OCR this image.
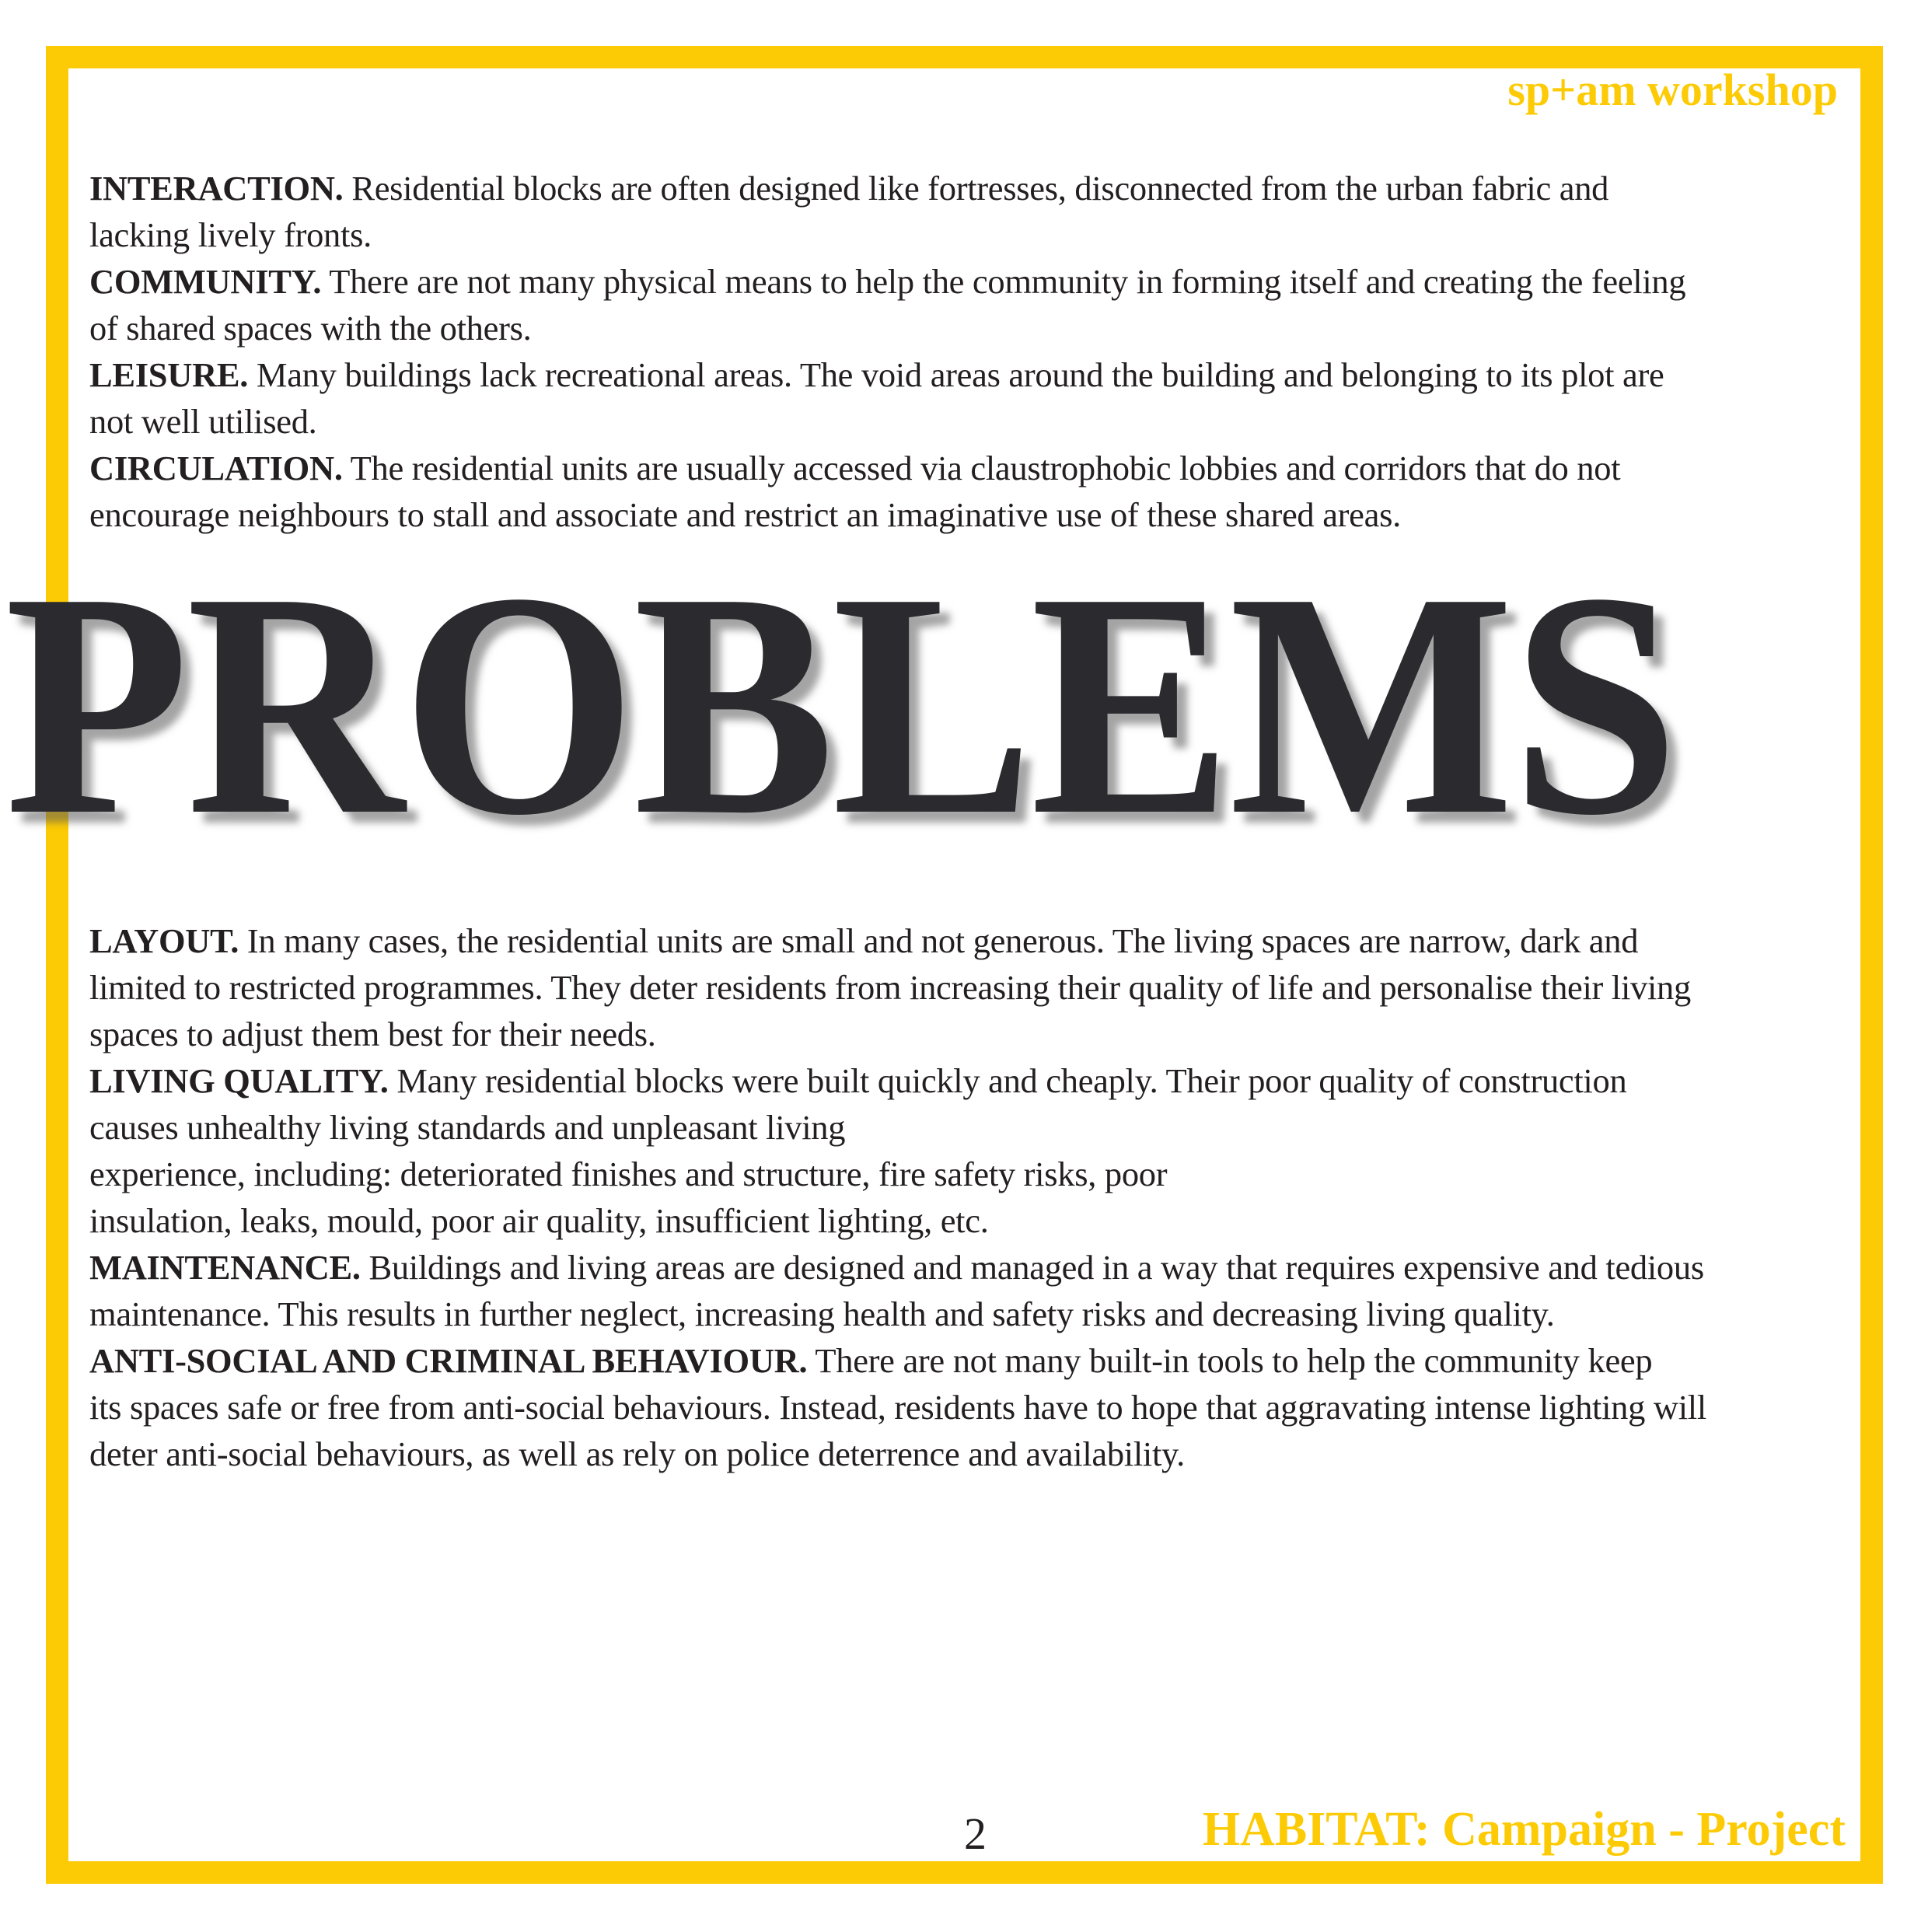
sp+am workshop

INTERACTION. Residential blocks are often designed like fortresses, disconnected from the urban fabric and
lacking lively fronts.

COMMUNITY. There are not many physical means to help the community in forming itself and creating the feeling
of shared spaces with the others.

LEISURE. Many buildings lack recreational areas. The void areas around the building and belonging to its plot are
not well utilised.

CIRCULATION. The residential units are usually accessed via claustrophobic lobbies and corridors that do not
encourage neighbours to stall and associate and restrict an imaginative use of these shared areas.

PROBLEMS

LAYOUT. In many cases, the residential units are small and not generous. The living spaces are narrow, dark and
limited to restricted programmes. They deter residents from increasing their quality of life and personalise their living
spaces to adjust them best for their needs.

LIVING QUALITY. Many residential blocks were built quickly and cheaply. Their poor quality of construction
causes unhealthy living standards and unpleasant living
experience, including: deteriorated finishes and structure, fire safety risks, poor
insulation, leaks, mould, poor air quality, insufficient lighting, etc.

MAINTENANCE. Buildings and living areas are designed and managed in a way that requires expensive and tedious
maintenance. This results in further neglect, increasing health and safety risks and decreasing living quality.

ANTI-SOCIAL AND CRIMINAL BEHAVIOUR. There are not many built-in tools to help the community keep
its spaces safe or free from anti-social behaviours. Instead, residents have to hope that aggravating intense lighting will
deter anti-social behaviours, as well as rely on police deterrence and availability.

2	HABITAT: Campaign - Project
